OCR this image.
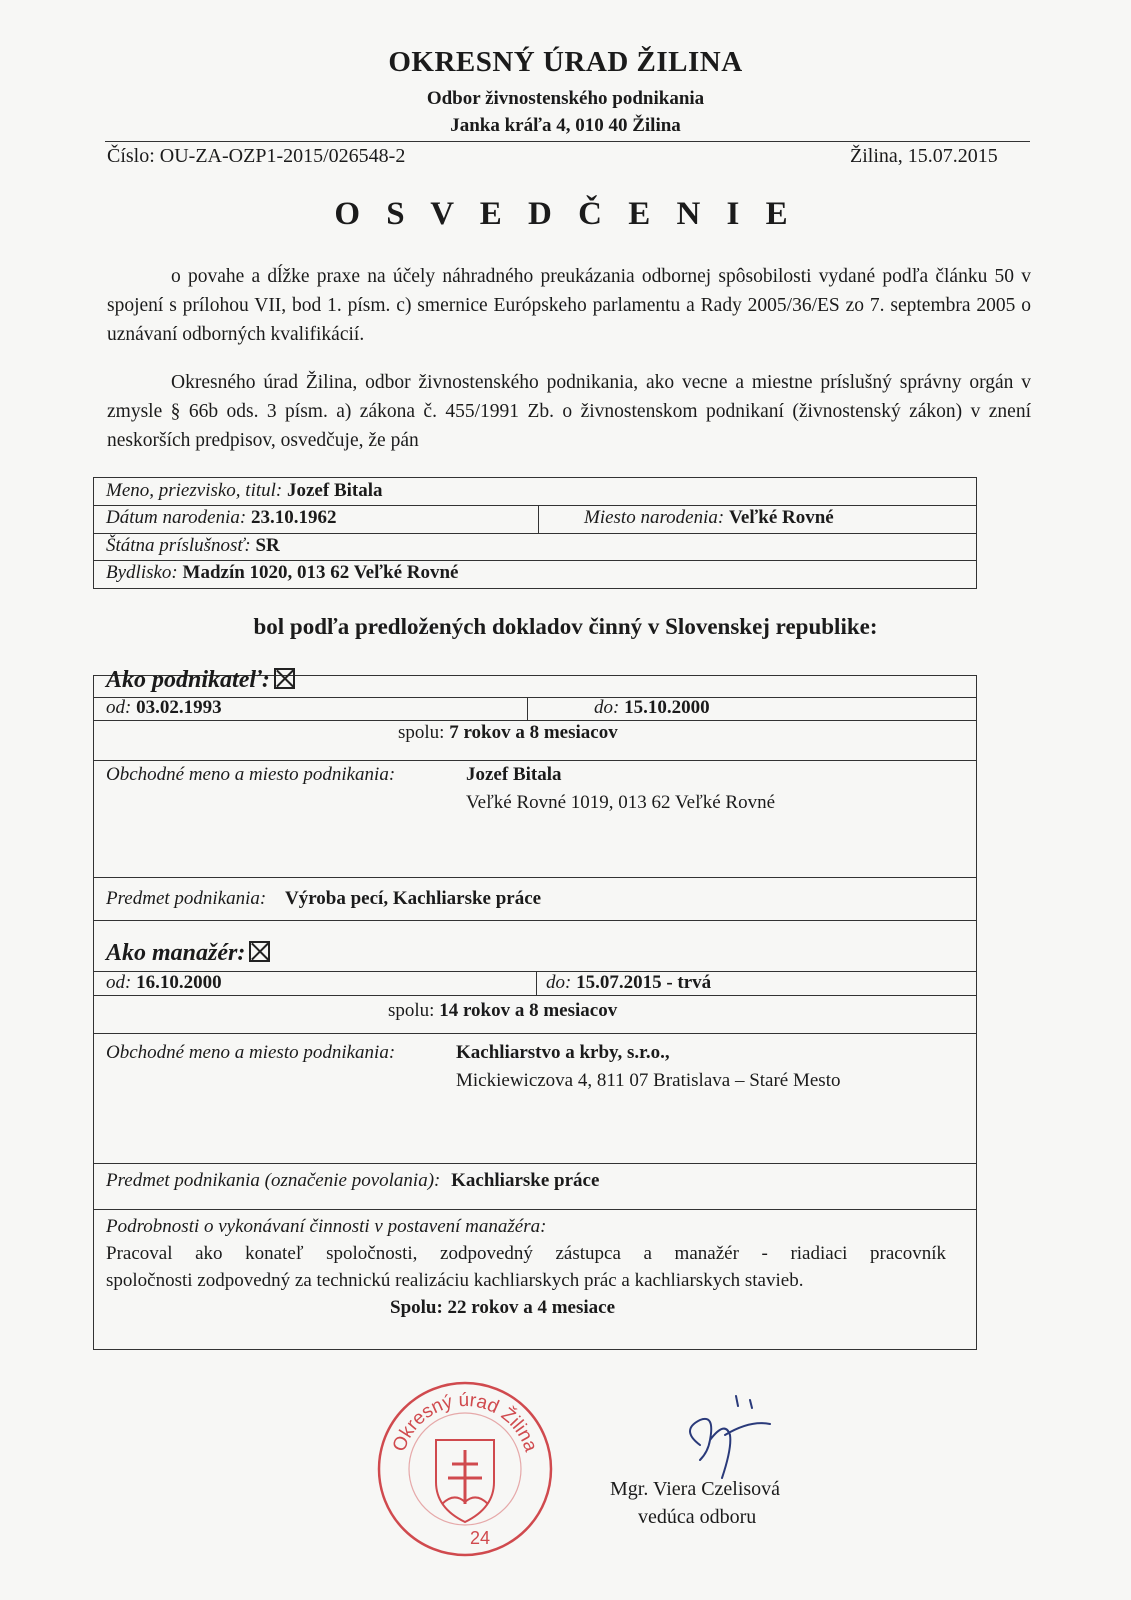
OKRESNÝ ÚRAD ŽILINA
Odbor živnostenského podnikania
Janka kráľa 4, 010 40 Žilina
Číslo: OU-ZA-OZP1-2015/026548-2	Žilina, 15.07.2015
O S V E D Č E N I E

o povahe a dĺžke praxe na účely náhradného preukázania odbornej spôsobilosti vydané podľa článku 50 v spojení s prílohou VII, bod 1. písm. c) smernice Európskeho parlamentu a Rady 2005/36/ES zo 7. septembra 2005 o uznávaní odborných kvalifikácií.

Okresného úrad Žilina, odbor živnostenského podnikania, ako vecne a miestne príslušný správny orgán v zmysle § 66b ods. 3 písm. a) zákona č. 455/1991 Zb. o živnostenskom podnikaní (živnostenský zákon) v znení neskorších predpisov, osvedčuje, že pán

Meno, priezvisko, titul: Jozef Bitala
Dátum narodenia: 23.10.1962	Miesto narodenia: Veľké Rovné
Štátna príslušnosť: SR
Bydlisko: Madzín 1020, 013 62 Veľké Rovné
bol podľa predložených dokladov činný v Slovenskej republike:
Ako podnikateľ:
od: 03.02.1993	do: 15.10.2000
spolu: 7 rokov a 8 mesiacov
Obchodné meno a miesto podnikania:	Jozef Bitala
Veľké Rovné 1019, 013 62 Veľké Rovné
Predmet podnikania: Výroba pecí, Kachliarske práce
Ako manažér:
od: 16.10.2000	do: 15.07.2015 - trvá
spolu: 14 rokov a 8 mesiacov
Obchodné meno a miesto podnikania:	Kachliarstvo a krby, s.r.o.,
Mickiewiczova 4, 811 07 Bratislava – Staré Mesto
Predmet podnikania (označenie povolania): Kachliarske práce
Podrobnosti o vykonávaní činnosti v postavení manažéra:
Pracoval ako konateľ spoločnosti, zodpovedný zástupca a manažér - riadiaci pracovník
spoločnosti zodpovedný za technickú realizáciu kachliarskych prác a kachliarskych stavieb.
Spolu: 22 rokov a 4 mesiace
Okresný úrad Žilina
24
Mgr. Viera Czelisová
vedúca odboru
